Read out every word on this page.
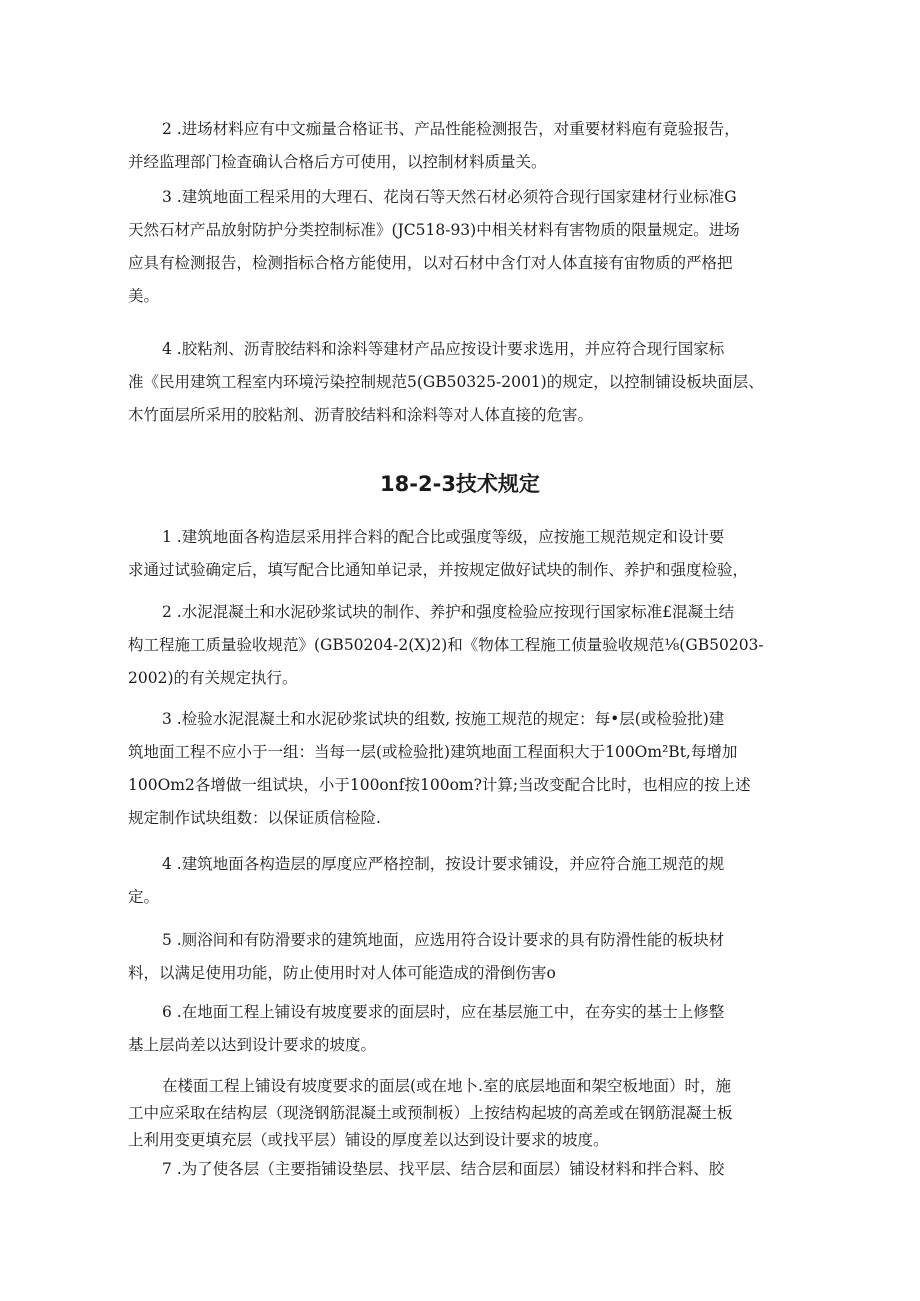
2 .进场材料应有中文痂量合格证书、产品性能检测报告，对重要材料庖有竟验报告，
并经监理部门检査确认合格后方可使用，以控制材料质量关。

3 .建筑地面工程采用的大理石、花岗石等天然石材必须符合现行国家建材行业标准G
天然石材产品放射防护分类控制标准》(JC518-93)中相关材料有害物质的限量规定。进场
应具有检测报告，检测指标合格方能使用，以对石材中含仃对人体直接有宙物质的严格把
美。

4 .胶粘剂、沥青胶结料和涂料等建材产品应按设计要求选用，并应符合现行国家标
准《民用建筑工程室内环境污染控制规范5(GB50325-2001)的规定，以控制铺设板块面层、
木竹面层所采用的胶粘剂、沥青胶结料和涂料等对人体直接的危害。

18-2-3技术规定

1 .建筑地面各构造层采用拌合料的配合比或强度等级，应按施工规范规定和设计要
求通过试验确定后，填写配合比通知单记录，并按规定做好试块的制作、养护和强度检验，

2 .水泥混凝土和水泥砂浆试块的制作、养护和强度检验应按现行国家标准£混凝土结
构工程施工质量验收规范》(GB50204-2(X)2)和《物体工程施工侦量验收规范⅛(GB50203-
2002)的有关规定执行。

3 .检验水泥混凝土和水泥砂浆试块的组数, 按施工规范的规定：每•层(或检验批)建
筑地面工程不应小于一组：当每一层(或检验批)建筑地面工程面积大于100Om²Bt,每增加
100Om2各增做一组试块，小于100onf按100om?计算;当改变配合比时，也相应的按上述
规定制作试块组数：以保证质信检险.

4 .建筑地面各构造层的厚度应严格控制，按设计要求铺设，并应符合施工规范的规
定。

5 .厕浴间和有防滑要求的建筑地面，应选用符合设计要求的具有防滑性能的板块材
料，以满足使用功能，防止使用时对人体可能造成的滑倒伤害o

6 .在地面工程上铺设有坡度要求的面层时，应在基层施工中，在夯实的基士上修整
基上层尚差以达到设计要求的坡度。

在楼面工程上铺设有坡度要求的面层(或在地卜.室的底层地面和架空板地面）时，施
工中应采取在结构层（现浇钢筋混凝土或预制板）上按结构起坡的高差或在钢筋混凝土板
上利用变更填充层（或找平层）铺设的厚度差以达到设计要求的坡度。

7 .为了使各层（主要指铺设垫层、找平层、结合层和面层）铺设材料和拌合料、胶
